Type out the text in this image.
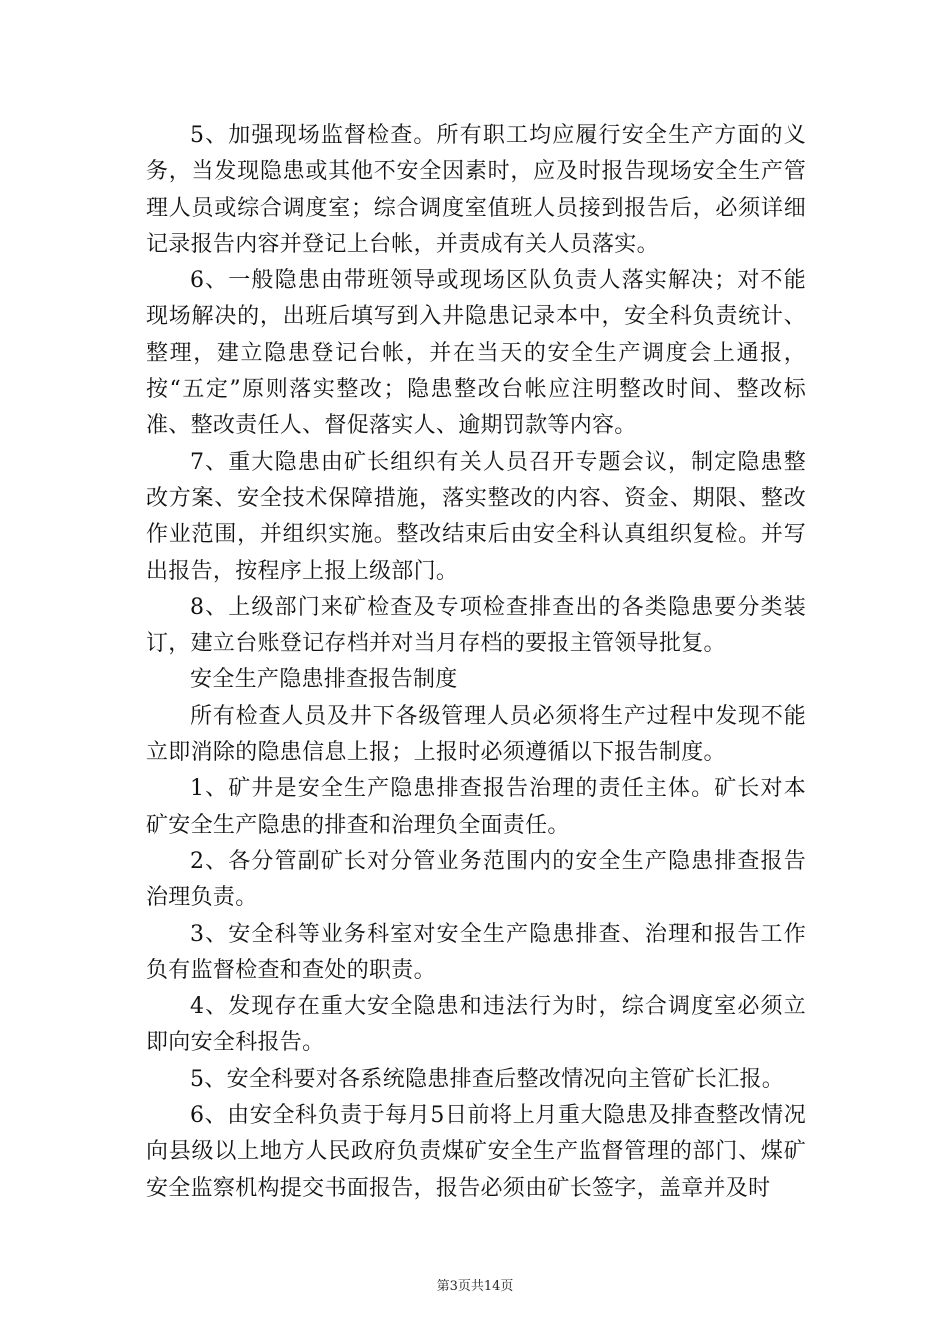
5、加强现场监督检查。所有职工均应履行安全生产方面的义务，当发现隐患或其他不安全因素时，应及时报告现场安全生产管理人员或综合调度室；综合调度室值班人员接到报告后，必须详细记录报告内容并登记上台帐，并责成有关人员落实。

6、一般隐患由带班领导或现场区队负责人落实解决；对不能现场解决的，出班后填写到入井隐患记录本中，安全科负责统计、整理，建立隐患登记台帐，并在当天的安全生产调度会上通报，按“五定”原则落实整改；隐患整改台帐应注明整改时间、整改标准、整改责任人、督促落实人、逾期罚款等内容。

7、重大隐患由矿长组织有关人员召开专题会议，制定隐患整改方案、安全技术保障措施，落实整改的内容、资金、期限、整改作业范围，并组织实施。整改结束后由安全科认真组织复检。并写出报告，按程序上报上级部门。

8、上级部门来矿检查及专项检查排查出的各类隐患要分类装订，建立台账登记存档并对当月存档的要报主管领导批复。

安全生产隐患排查报告制度

所有检查人员及井下各级管理人员必须将生产过程中发现不能立即消除的隐患信息上报；上报时必须遵循以下报告制度。

1、矿井是安全生产隐患排查报告治理的责任主体。矿长对本矿安全生产隐患的排查和治理负全面责任。

2、各分管副矿长对分管业务范围内的安全生产隐患排查报告治理负责。

3、安全科等业务科室对安全生产隐患排查、治理和报告工作负有监督检查和查处的职责。

4、发现存在重大安全隐患和违法行为时，综合调度室必须立即向安全科报告。

5、安全科要对各系统隐患排查后整改情况向主管矿长汇报。

6、由安全科负责于每月5日前将上月重大隐患及排查整改情况向县级以上地方人民政府负责煤矿安全生产监督管理的部门、煤矿安全监察机构提交书面报告，报告必须由矿长签字，盖章并及时

第3页共14页
